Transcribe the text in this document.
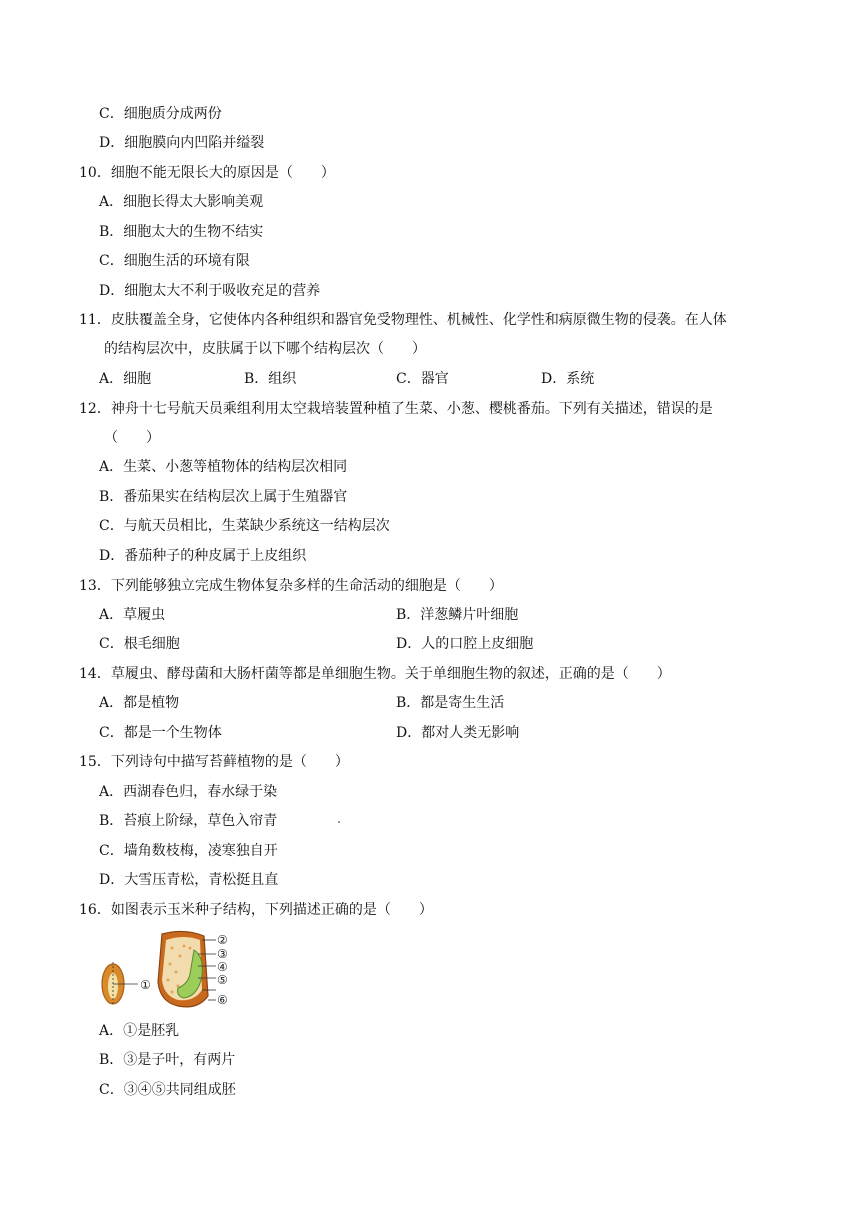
C．细胞质分成两份
D．细胞膜向内凹陷并缢裂
10．细胞不能无限长大的原因是（　　）
A．细胞长得太大影响美观
B．细胞太大的生物不结实
C．细胞生活的环境有限
D．细胞太大不利于吸收充足的营养
11．皮肤覆盖全身，它使体内各种组织和器官免受物理性、机械性、化学性和病原微生物的侵袭。在人体
的结构层次中，皮肤属于以下哪个结构层次（　　）
A．细胞	B．组织	C．器官	D．系统
12．神舟十七号航天员乘组利用太空栽培装置种植了生菜、小葱、樱桃番茄。下列有关描述，错误的是
（　　）
A．生菜、小葱等植物体的结构层次相同
B．番茄果实在结构层次上属于生殖器官
C．与航天员相比，生菜缺少系统这一结构层次
D．番茄种子的种皮属于上皮组织
13．下列能够独立完成生物体复杂多样的生命活动的细胞是（　　）
A．草履虫	B．洋葱鳞片叶细胞
C．根毛细胞	D．人的口腔上皮细胞
14．草履虫、酵母菌和大肠杆菌等都是单细胞生物。关于单细胞生物的叙述，正确的是（　　）
A．都是植物	B．都是寄生生活
C．都是一个生物体	D．都对人类无影响
15．下列诗句中描写苔藓植物的是（　　）
A．西湖春色归，春水绿于染
B．苔痕上阶绿，草色入帘青
C．墙角数枝梅，凌寒独自开
D．大雪压青松，青松挺且直
16．如图表示玉米种子结构，下列描述正确的是（　　）
①
②
③
④
⑤
⑥
A．①是胚乳
B．③是子叶，有两片
C．③④⑤共同组成胚
